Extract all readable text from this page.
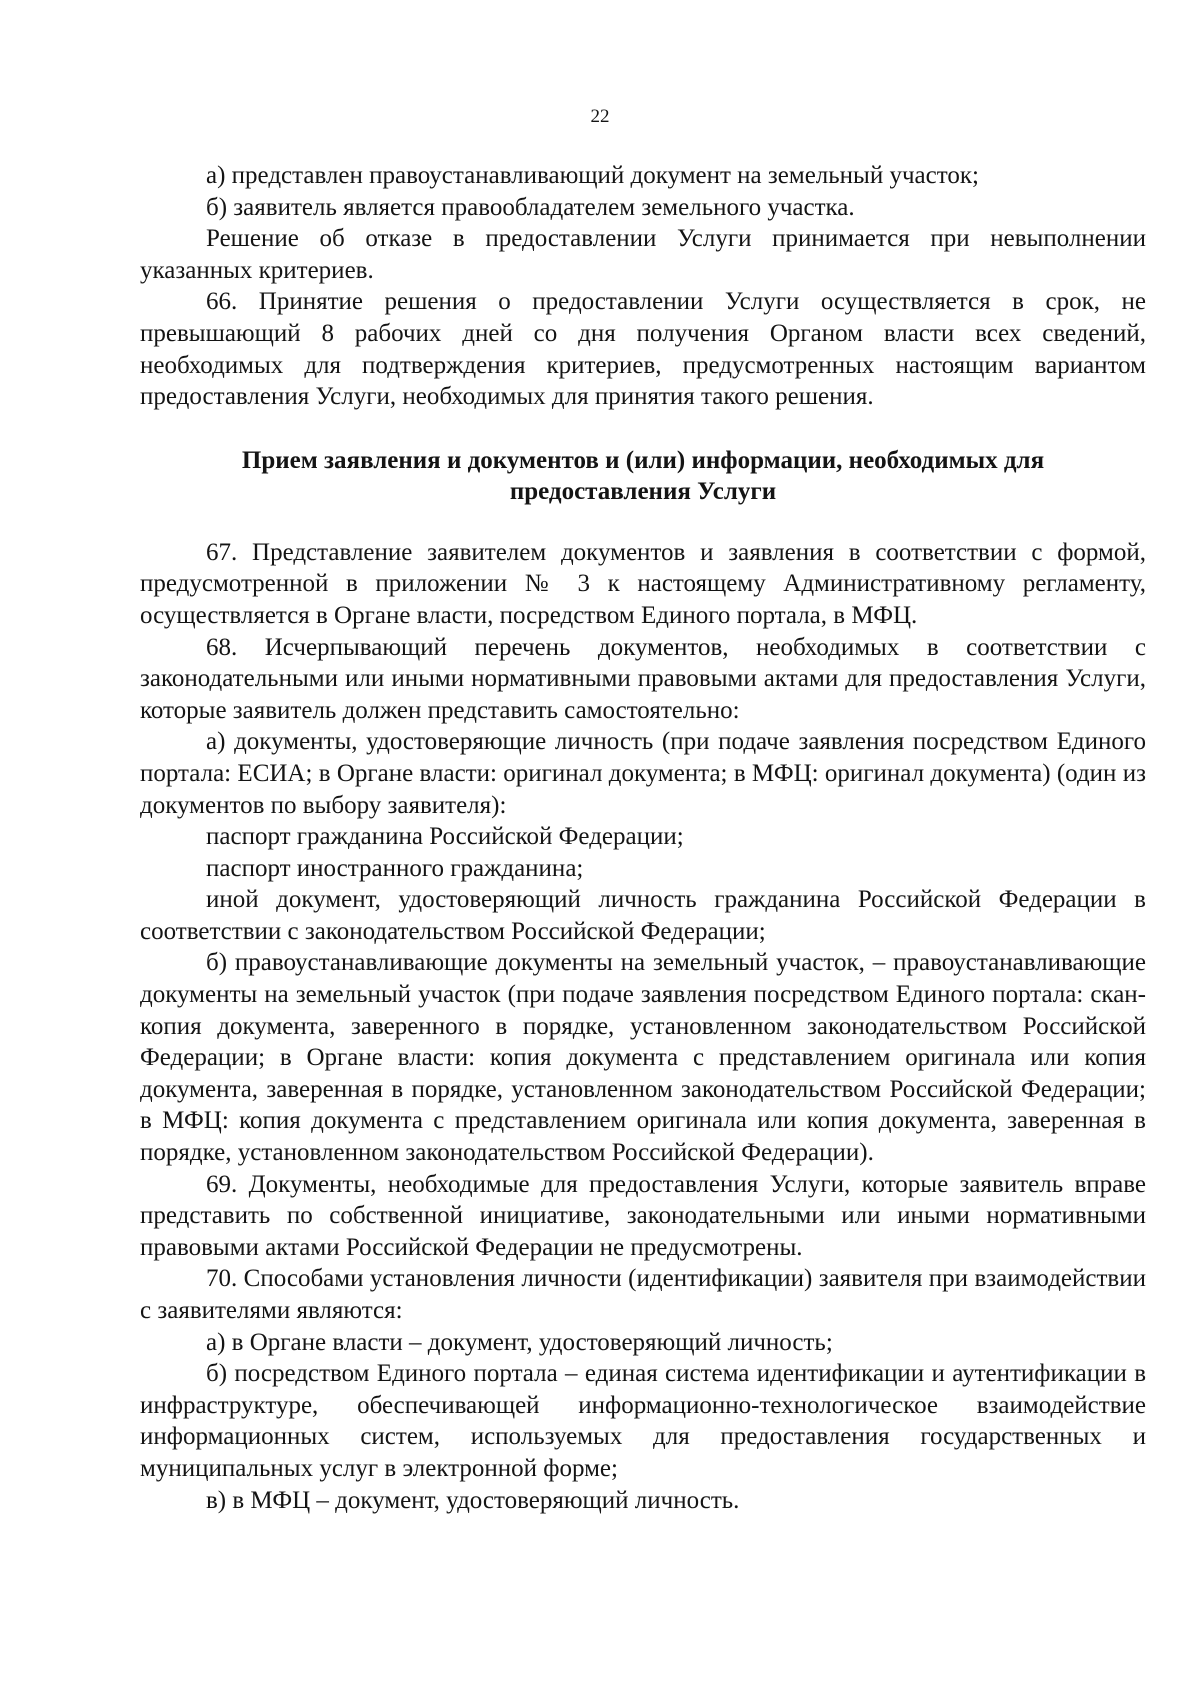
22

а) представлен правоустанавливающий документ на земельный участок;

б) заявитель является правообладателем земельного участка.

Решение об отказе в предоставлении Услуги принимается при невыполнении указанных критериев.

66. Принятие решения о предоставлении Услуги осуществляется в срок, не превышающий 8 рабочих дней со дня получения Органом власти всех сведений, необходимых для подтверждения критериев, предусмотренных настоящим вариантом предоставления Услуги, необходимых для принятия такого решения.

Прием заявления и документов и (или) информации, необходимых для предоставления Услуги

67. Представление заявителем документов и заявления в соответствии с формой, предусмотренной в приложении № 3 к настоящему Административному регламенту, осуществляется в Органе власти, посредством Единого портала, в МФЦ.

68. Исчерпывающий перечень документов, необходимых в соответствии с законодательными или иными нормативными правовыми актами для предоставления Услуги, которые заявитель должен представить самостоятельно:

а) документы, удостоверяющие личность (при подаче заявления посредством Единого портала: ЕСИА; в Органе власти: оригинал документа; в МФЦ: оригинал документа) (один из документов по выбору заявителя):

паспорт гражданина Российской Федерации;

паспорт иностранного гражданина;

иной документ, удостоверяющий личность гражданина Российской Федерации в соответствии с законодательством Российской Федерации;

б) правоустанавливающие документы на земельный участок, – правоустанавливающие документы на земельный участок (при подаче заявления посредством Единого портала: скан-копия документа, заверенного в порядке, установленном законодательством Российской Федерации; в Органе власти: копия документа с представлением оригинала или копия документа, заверенная в порядке, установленном законодательством Российской Федерации; в МФЦ: копия документа с представлением оригинала или копия документа, заверенная в порядке, установленном законодательством Российской Федерации).

69. Документы, необходимые для предоставления Услуги, которые заявитель вправе представить по собственной инициативе, законодательными или иными нормативными правовыми актами Российской Федерации не предусмотрены.

70. Способами установления личности (идентификации) заявителя при взаимодействии с заявителями являются:

а) в Органе власти – документ, удостоверяющий личность;

б) посредством Единого портала – единая система идентификации и аутентификации в инфраструктуре, обеспечивающей информационно-технологическое взаимодействие информационных систем, используемых для предоставления государственных и муниципальных услуг в электронной форме;

в) в МФЦ – документ, удостоверяющий личность.
